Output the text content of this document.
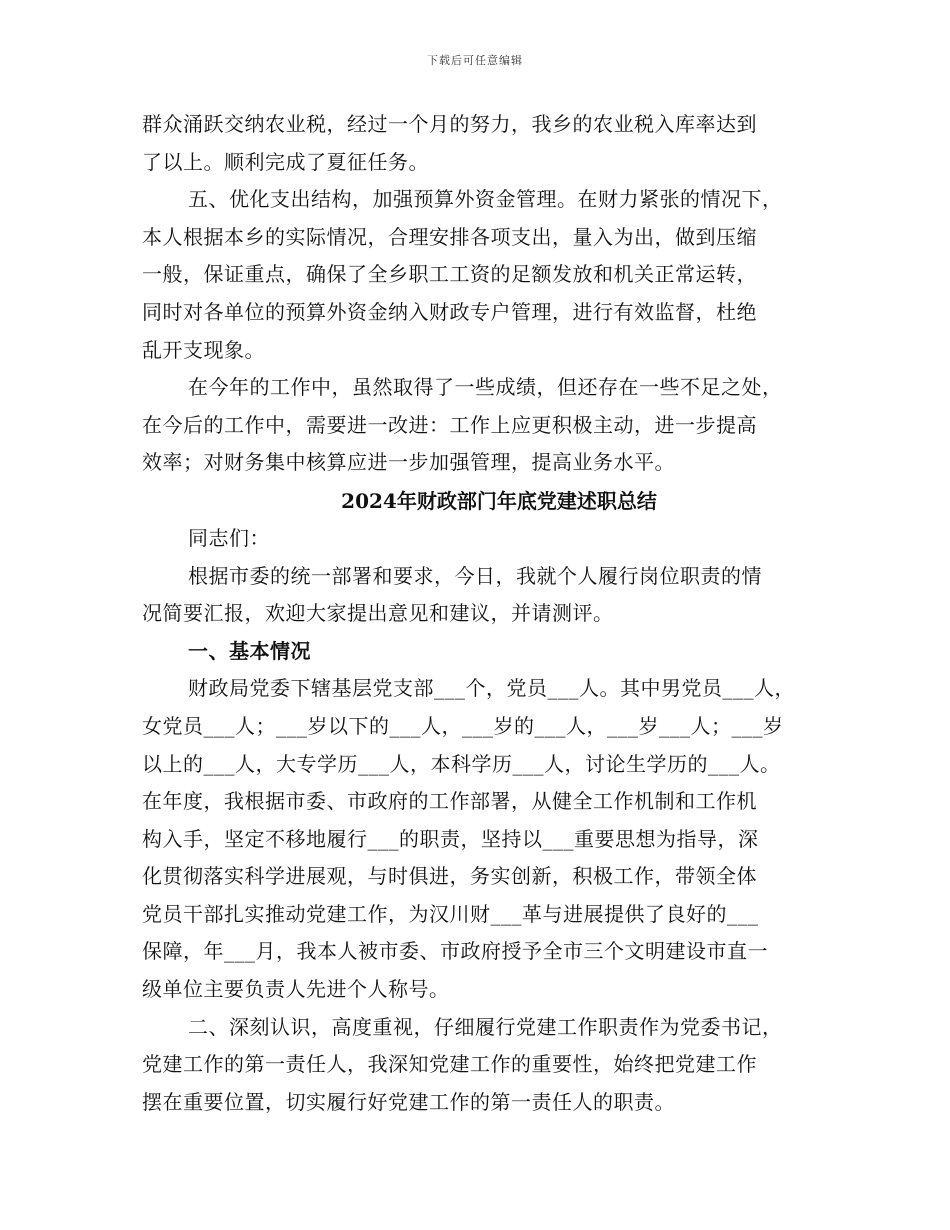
下载后可任意编辑

群众涌跃交纳农业税，经过一个月的努力，我乡的农业税入库率达到

了以上。顺利完成了夏征任务。

五、优化支出结构，加强预算外资金管理。在财力紧张的情况下，

本人根据本乡的实际情况，合理安排各项支出，量入为出，做到压缩

一般，保证重点，确保了全乡职工工资的足额发放和机关正常运转，

同时对各单位的预算外资金纳入财政专户管理，进行有效监督，杜绝

乱开支现象。

在今年的工作中，虽然取得了一些成绩，但还存在一些不足之处，

在今后的工作中，需要进一改进：工作上应更积极主动，进一步提高

效率；对财务集中核算应进一步加强管理，提高业务水平。

2024年财政部门年底党建述职总结

同志们：

根据市委的统一部署和要求，今日，我就个人履行岗位职责的情

况简要汇报，欢迎大家提出意见和建议，并请测评。

一、基本情况

财政局党委下辖基层党支部___个，党员___人。其中男党员___人，

女党员___人；___岁以下的___人，___岁的___人，___岁___人；___岁

以上的___人，大专学历___人，本科学历___人，讨论生学历的___人。

在年度，我根据市委、市政府的工作部署，从健全工作机制和工作机

构入手，坚定不移地履行___的职责，坚持以___重要思想为指导，深

化贯彻落实科学进展观，与时俱进，务实创新，积极工作，带领全体

党员干部扎实推动党建工作，为汉川财___革与进展提供了良好的___

保障，年___月，我本人被市委、市政府授予全市三个文明建设市直一

级单位主要负责人先进个人称号。

二、深刻认识，高度重视，仔细履行党建工作职责作为党委书记，

党建工作的第一责任人，我深知党建工作的重要性，始终把党建工作

摆在重要位置，切实履行好党建工作的第一责任人的职责。
